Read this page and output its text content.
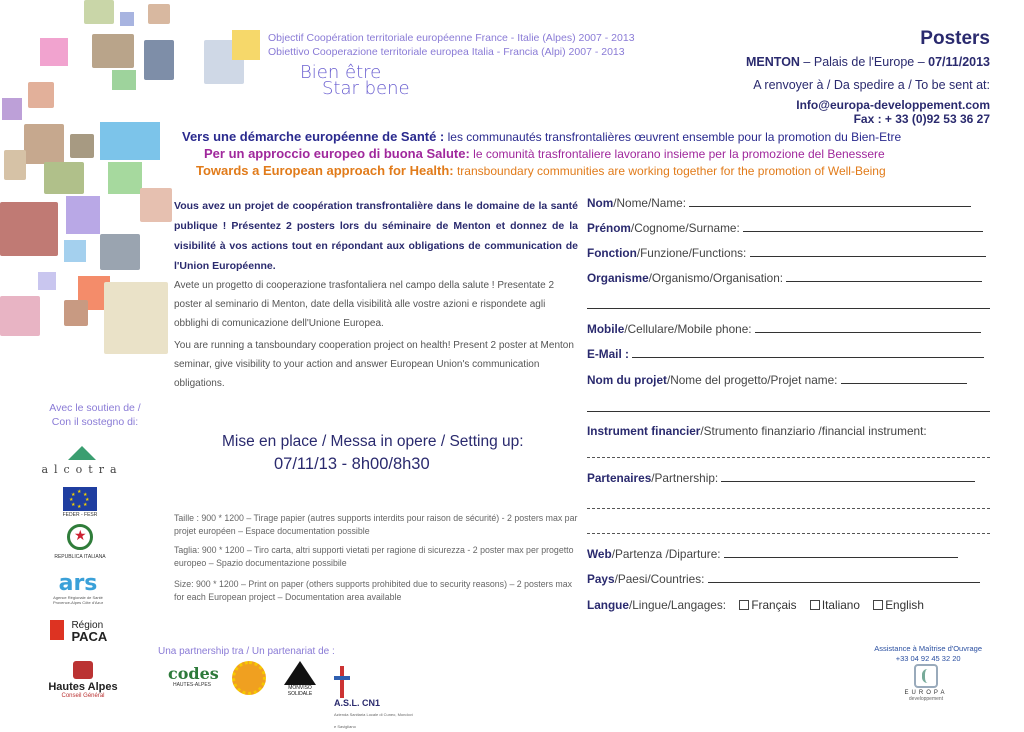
Objectif Coopération territoriale européenne France - Italie (Alpes) 2007 - 2013
Obiettivo Cooperazione territoriale europea Italia - Francia (Alpi) 2007 - 2013
Bien être
Star bene
Posters
MENTON – Palais de l'Europe – 07/11/2013
A renvoyer à / Da spedire a / To be sent at:
Info@europa-developpement.com
Fax : + 33 (0)92 53 36 27
Vers une démarche européenne de Santé : les communautés transfrontalières œuvrent ensemble pour la promotion du Bien-Etre
Per un approccio europeo di buona Salute: le comunità trasfrontaliere lavorano insieme per la promozione del Benessere
Towards a European approach for Health: transboundary communities are working together for the promotion of Well-Being
Vous avez un projet de coopération transfrontalière dans le domaine de la santé publique ! Présentez 2 posters lors du séminaire de Menton et donnez de la visibilité à vos actions tout en répondant aux obligations de communication de l'Union Européenne.
Avete un progetto di cooperazione trasfontaliera nel campo della salute ! Presentate 2 poster al seminario di Menton, date della visibilità alle vostre azioni e rispondete agli obblighi di comunicazione dell'Unione Europea.
You are running a tansboundary cooperation project on health! Present 2 poster at Menton seminar, give visibility to your action and answer European Union's communication obligations.
Mise en place / Messa in opere / Setting up:
07/11/13 - 8h00/8h30
Taille : 900 * 1200 – Tirage papier (autres supports interdits pour raison de sécurité) - 2 posters max par projet européen – Espace documentation possible
Taglia: 900 * 1200 – Tiro carta, altri supporti vietati per ragione di sicurezza - 2 poster max per progetto europeo – Spazio documentazione possibile
Size: 900 * 1200 – Print on paper (others supports prohibited due to security reasons) – 2 posters max for each European project – Documentation area available
Avec le soutien de /
Con il sostegno di:
alcotra
★ ★
★
★
★
★
★
★
FEDER - FESR
★
REPUBLICA ITALIANA
ars
Agence Régionale de Santé Provence-Alpes Côte d'Azur
Région
PACA
Hautes Alpes
Conseil Général
Una partnership tra / Un partenariat de :
codes
HAUTES-ALPES	MONVISO SOLIDALE
A.S.L. CN1
Azienda Sanitaria Locale di Cuneo, Mondovì e Savigliano
Nom/Nome/Name:
Prénom/Cognome/Surname:
Fonction/Funzione/Functions:
Organisme/Organismo/Organisation:
Mobile/Cellulare/Mobile phone:
E-Mail :
Nom du projet/Nome del progetto/Projet name:
Instrument financier/Strumento finanziario /financial instrument:
Partenaires/Partnership:
Web/Partenza /Diparture:
Pays/Paesi/Countries:
Langue/Lingue/Langages: Français Italiano English
Assistance à Maîtrise d'Ouvrage
+33 04 92 45 32 20
EUROPA
developpement
